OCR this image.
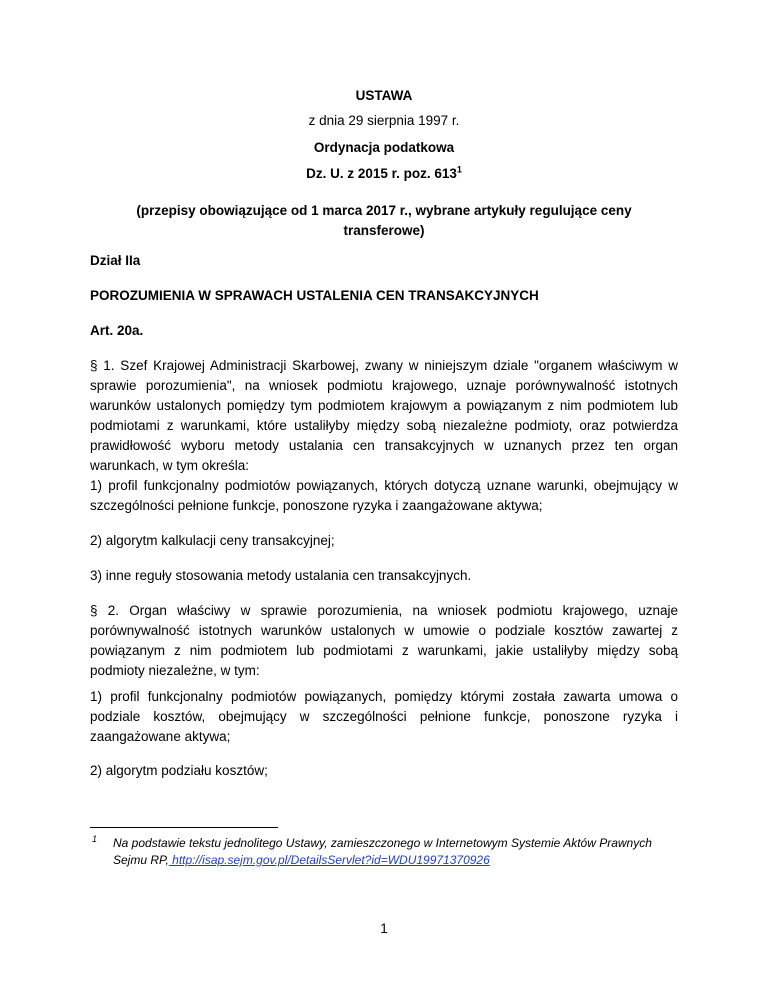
USTAWA
z dnia 29 sierpnia 1997 r.
Ordynacja podatkowa
Dz. U. z 2015 r. poz. $613^1$
(przepisy obowiązujące od 1 marca 2017 r., wybrane artykuły regulujące ceny transferowe)
Dział IIa
POROZUMIENIA W SPRAWACH USTALENIA CEN TRANSAKCYJNYCH
Art. 20a.
§ 1. Szef Krajowej Administracji Skarbowej, zwany w niniejszym dziale "organem właściwym w sprawie porozumienia", na wniosek podmiotu krajowego, uznaje porównywalność istotnych warunków ustalonych pomiędzy tym podmiotem krajowym a powiązanym z nim podmiotem lub podmiotami z warunkami, które ustaliłyby między sobą niezależne podmioty, oraz potwierdza prawidłowość wyboru metody ustalania cen transakcyjnych w uznanych przez ten organ warunkach, w tym określa:
1) profil funkcjonalny podmiotów powiązanych, których dotyczą uznane warunki, obejmujący w szczególności pełnione funkcje, ponoszone ryzyka i zaangażowane aktywa;
2) algorytm kalkulacji ceny transakcyjnej;
3) inne reguły stosowania metody ustalania cen transakcyjnych.
§ 2. Organ właściwy w sprawie porozumienia, na wniosek podmiotu krajowego, uznaje porównywalność istotnych warunków ustalonych w umowie o podziale kosztów zawartej z powiązanym z nim podmiotem lub podmiotami z warunkami, jakie ustaliłyby między sobą podmioty niezależne, w tym:
1) profil funkcjonalny podmiotów powiązanych, pomiędzy którymi została zawarta umowa o podziale kosztów, obejmujący w szczególności pełnione funkcje, ponoszone ryzyka i zaangażowane aktywa;
2) algorytm podziału kosztów;
1 Na podstawie tekstu jednolitego Ustawy, zamieszczonego w Internetowym Systemie Aktów Prawnych Sejmu RP, http://isap.sejm.gov.pl/DetailsServlet?id=WDU19971370926
1
